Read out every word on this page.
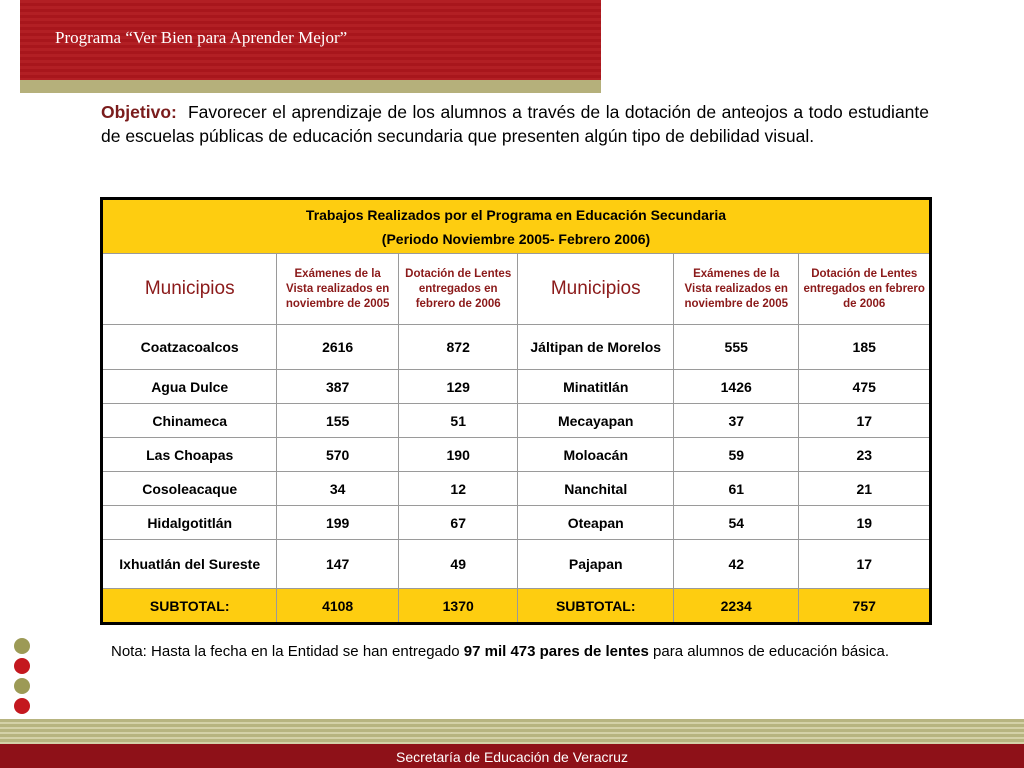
Programa “Ver Bien para Aprender Mejor”
Objetivo: Favorecer el aprendizaje de los alumnos a través de la dotación de anteojos a todo estudiante de escuelas públicas de educación secundaria que presenten algún tipo de debilidad visual.
Trabajos Realizados por el Programa en Educación Secundaria
(Periodo Noviembre 2005- Febrero 2006)					

Municipios	Exámenes de la Vista realizados en noviembre de 2005	Dotación de Lentes entregados en febrero de 2006	Municipios	Exámenes de la Vista realizados en noviembre de 2005	Dotación de Lentes entregados en febrero de 2006
Coatzacoalcos	2616	872	Jáltipan de Morelos	555	185
Agua Dulce	387	129	Minatitlán	1426	475
Chinameca	155	51	Mecayapan	37	17
Las Choapas	570	190	Moloacán	59	23
Cosoleacaque	34	12	Nanchital	61	21
Hidalgotitlán	199	67	Oteapan	54	19
Ixhuatlán del Sureste	147	49	Pajapan	42	17
SUBTOTAL:	4108	1370	SUBTOTAL:	2234	757
Nota: Hasta la fecha en la Entidad se han entregado 97 mil 473 pares de lentes para alumnos de educación básica.
Secretaría de Educación de Veracruz
